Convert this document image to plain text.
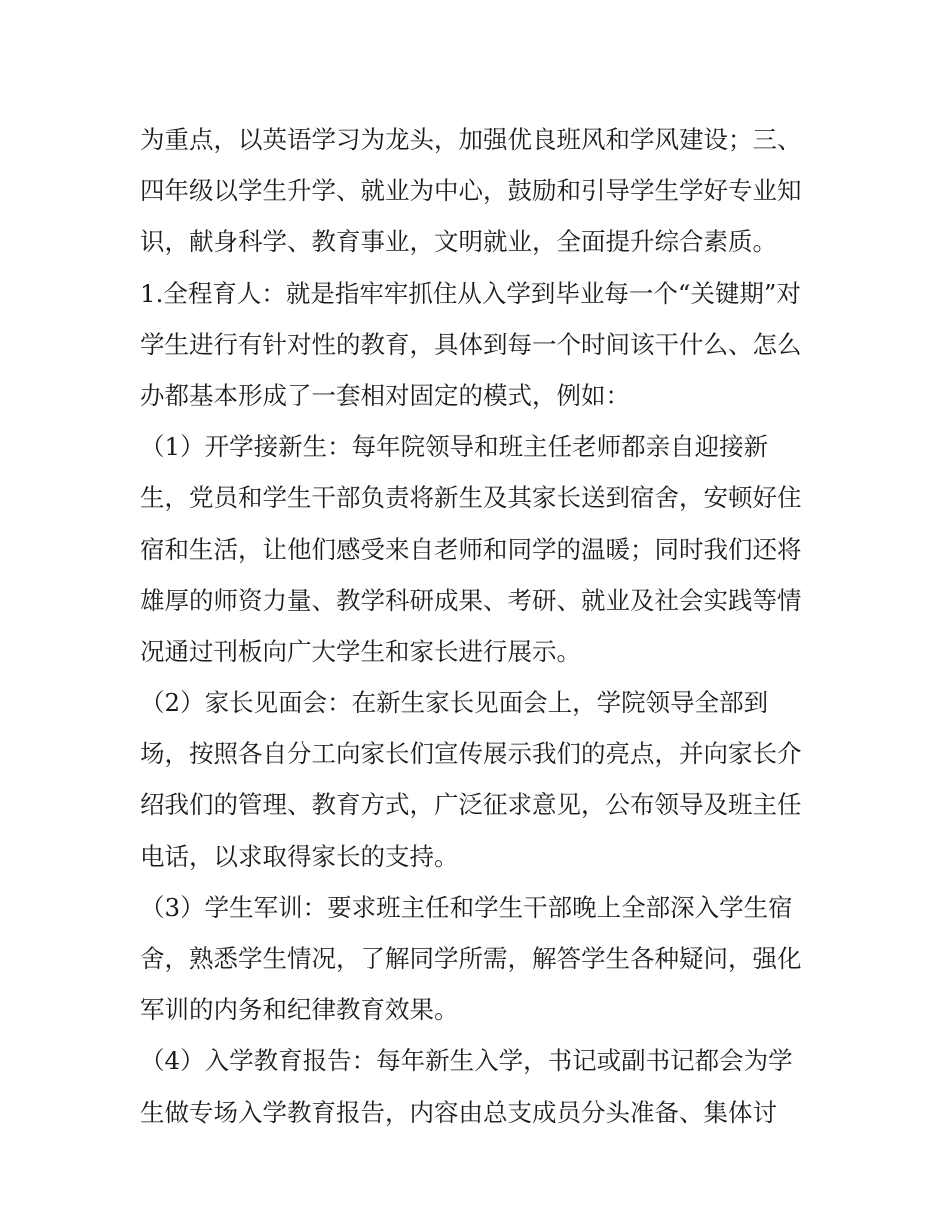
为重点，以英语学习为龙头，加强优良班风和学风建设；三、
四年级以学生升学、就业为中心，鼓励和引导学生学好专业知
识，献身科学、教育事业，文明就业，全面提升综合素质。
1.全程育人：就是指牢牢抓住从入学到毕业每一个“关键期”对
学生进行有针对性的教育，具体到每一个时间该干什么、怎么
办都基本形成了一套相对固定的模式，例如：
（1）开学接新生：每年院领导和班主任老师都亲自迎接新
生，党员和学生干部负责将新生及其家长送到宿舍，安顿好住
宿和生活，让他们感受来自老师和同学的温暖；同时我们还将
雄厚的师资力量、教学科研成果、考研、就业及社会实践等情
况通过刊板向广大学生和家长进行展示。
（2）家长见面会：在新生家长见面会上，学院领导全部到
场，按照各自分工向家长们宣传展示我们的亮点，并向家长介
绍我们的管理、教育方式，广泛征求意见，公布领导及班主任
电话，以求取得家长的支持。
（3）学生军训：要求班主任和学生干部晚上全部深入学生宿
舍，熟悉学生情况，了解同学所需，解答学生各种疑问，强化
军训的内务和纪律教育效果。
（4）入学教育报告：每年新生入学，书记或副书记都会为学
生做专场入学教育报告，内容由总支成员分头准备、集体讨
